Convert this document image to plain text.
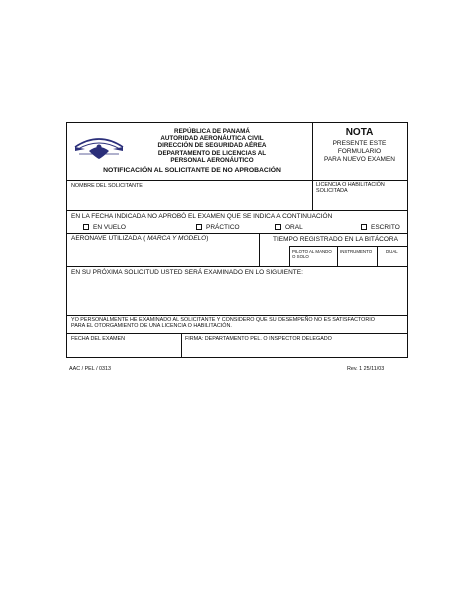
REPÚBLICA DE PANAMÁ
AUTORIDAD AERONÁUTICA CIVIL
DIRECCIÓN DE SEGURIDAD AÉREA
DEPARTAMENTO DE LICENCIAS AL
PERSONAL AERONÁUTICO
NOTIFICACIÓN AL SOLICITANTE DE NO APROBACIÓN
NOTA
PRESENTE ESTE FORMULARIO
PARA NUEVO EXAMEN
NOMBRE DEL SOLICITANTE	LICENCIA O HABILITACIÓN
SOLICITADA
EN LA FECHA INDICADA NO APROBÓ EL EXAMEN QUE SE INDICA A CONTINUACIÓN
EN VUELO	PRÁCTICO	ORAL	ESCRITO
AERONAVE UTILIZADA ( MARCA Y MODELO)	TIEMPO REGISTRADO EN LA BITÁCORA
PILOTO AL MANDO
O SOLO
INSTRUMENTO	DUAL
EN SU PRÓXIMA SOLICITUD USTED SERÁ EXAMINADO EN LO SIGUIENTE:
YO PERSONALMENTE HE EXAMINADO AL SOLICITANTE Y CONSIDERO QUE SU DESEMPEÑO NO ES SATISFACTORIO
PARA EL OTORGAMIENTO DE UNA LICENCIA O HABILITACIÓN.
FECHA DEL EXAMEN	FIRMA: DEPARTAMENTO PEL. O INSPECTOR DELEGADO
AAC / PEL / 0313	Rev. 1 25/11/03
